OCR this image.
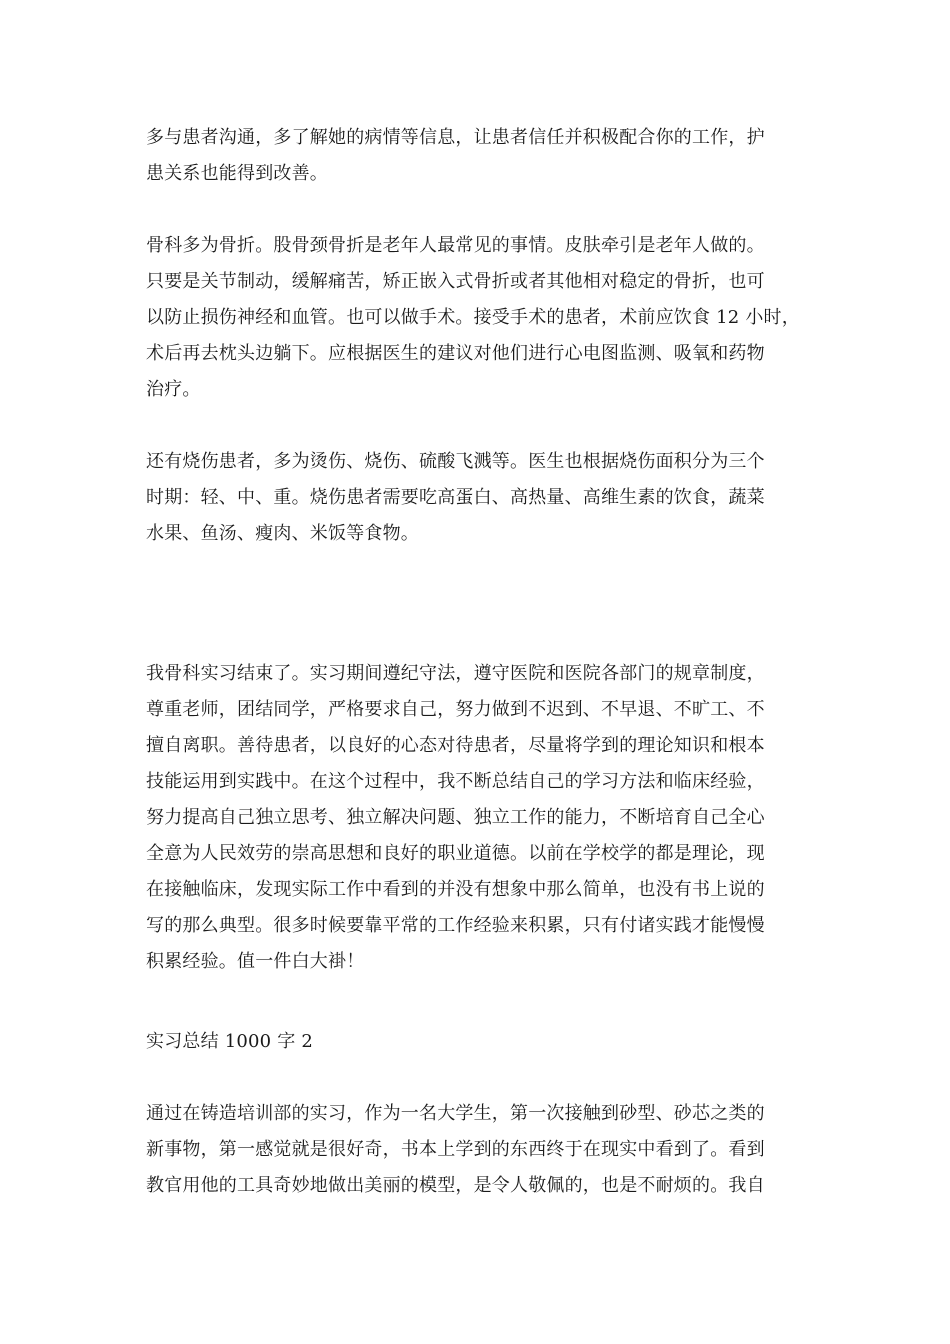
多与患者沟通，多了解她的病情等信息，让患者信任并积极配合你的工作，护
患关系也能得到改善。
骨科多为骨折。股骨颈骨折是老年人最常见的事情。皮肤牵引是老年人做的。
只要是关节制动，缓解痛苦，矫正嵌入式骨折或者其他相对稳定的骨折，也可
以防止损伤神经和血管。也可以做手术。接受手术的患者，术前应饮食 12 小时，
术后再去枕头边躺下。应根据医生的建议对他们进行心电图监测、吸氧和药物
治疗。
还有烧伤患者，多为烫伤、烧伤、硫酸飞溅等。医生也根据烧伤面积分为三个
时期：轻、中、重。烧伤患者需要吃高蛋白、高热量、高维生素的饮食，蔬菜
水果、鱼汤、瘦肉、米饭等食物。
我骨科实习结束了。实习期间遵纪守法，遵守医院和医院各部门的规章制度，
尊重老师，团结同学，严格要求自己，努力做到不迟到、不早退、不旷工、不
擅自离职。善待患者，以良好的心态对待患者，尽量将学到的理论知识和根本
技能运用到实践中。在这个过程中，我不断总结自己的学习方法和临床经验，
努力提高自己独立思考、独立解决问题、独立工作的能力，不断培育自己全心
全意为人民效劳的崇高思想和良好的职业道德。以前在学校学的都是理论，现
在接触临床，发现实际工作中看到的并没有想象中那么简单，也没有书上说的
写的那么典型。很多时候要靠平常的工作经验来积累，只有付诸实践才能慢慢
积累经验。值一件白大褂！
实习总结 1000 字 2
通过在铸造培训部的实习，作为一名大学生，第一次接触到砂型、砂芯之类的
新事物，第一感觉就是很好奇，书本上学到的东西终于在现实中看到了。看到
教官用他的工具奇妙地做出美丽的模型，是令人敬佩的，也是不耐烦的。我自
